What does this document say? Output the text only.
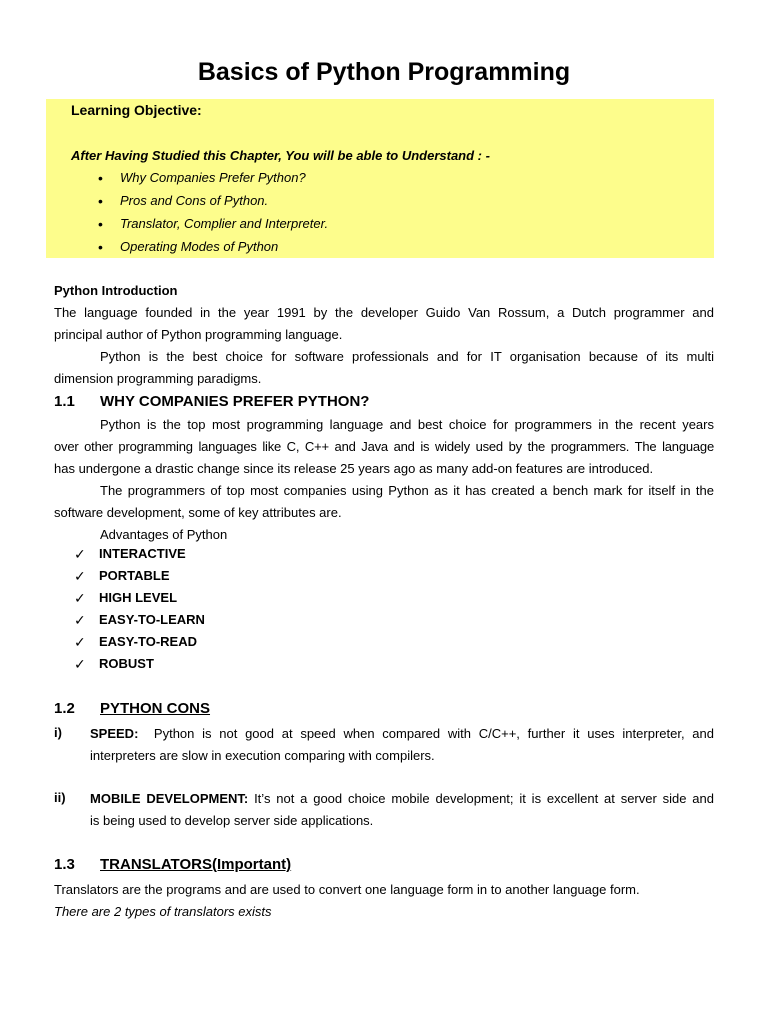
Basics of Python Programming
Learning Objective:
After Having Studied this Chapter, You will be able to Understand : -
• Why Companies Prefer Python?
• Pros and Cons of Python.
• Translator, Complier and Interpreter.
• Operating Modes of Python
Python Introduction
The language founded in the year 1991 by the developer Guido Van Rossum, a Dutch programmer and
principal author of Python programming language.
Python is the best choice for software professionals and for IT organisation because of its multi
dimension programming paradigms.
1.1 WHY COMPANIES PREFER PYTHON?
Python is the top most programming language and best choice for programmers in the recent years
over other programming languages like C, C++ and Java and is widely used by the programmers. The language
has undergone a drastic change since its release 25 years ago as many add-on features are introduced.
The programmers of top most companies using Python as it has created a bench mark for itself in the
software development, some of key attributes are.
Advantages of Python
✓	INTERACTIVE
✓	PORTABLE
✓	HIGH LEVEL
✓	EASY-TO-LEARN
✓	EASY-TO-READ
✓	ROBUST
1.2 PYTHON CONS
i) SPEED: Python is not good at speed when compared with C/C++, further it uses interpreter, and
interpreters are slow in execution comparing with compilers.
ii) MOBILE DEVELOPMENT: It’s not a good choice mobile development; it is excellent at server side and
is being used to develop server side applications.
1.3 TRANSLATORS(Important)
Translators are the programs and are used to convert one language form in to another language form.
There are 2 types of translators exists
